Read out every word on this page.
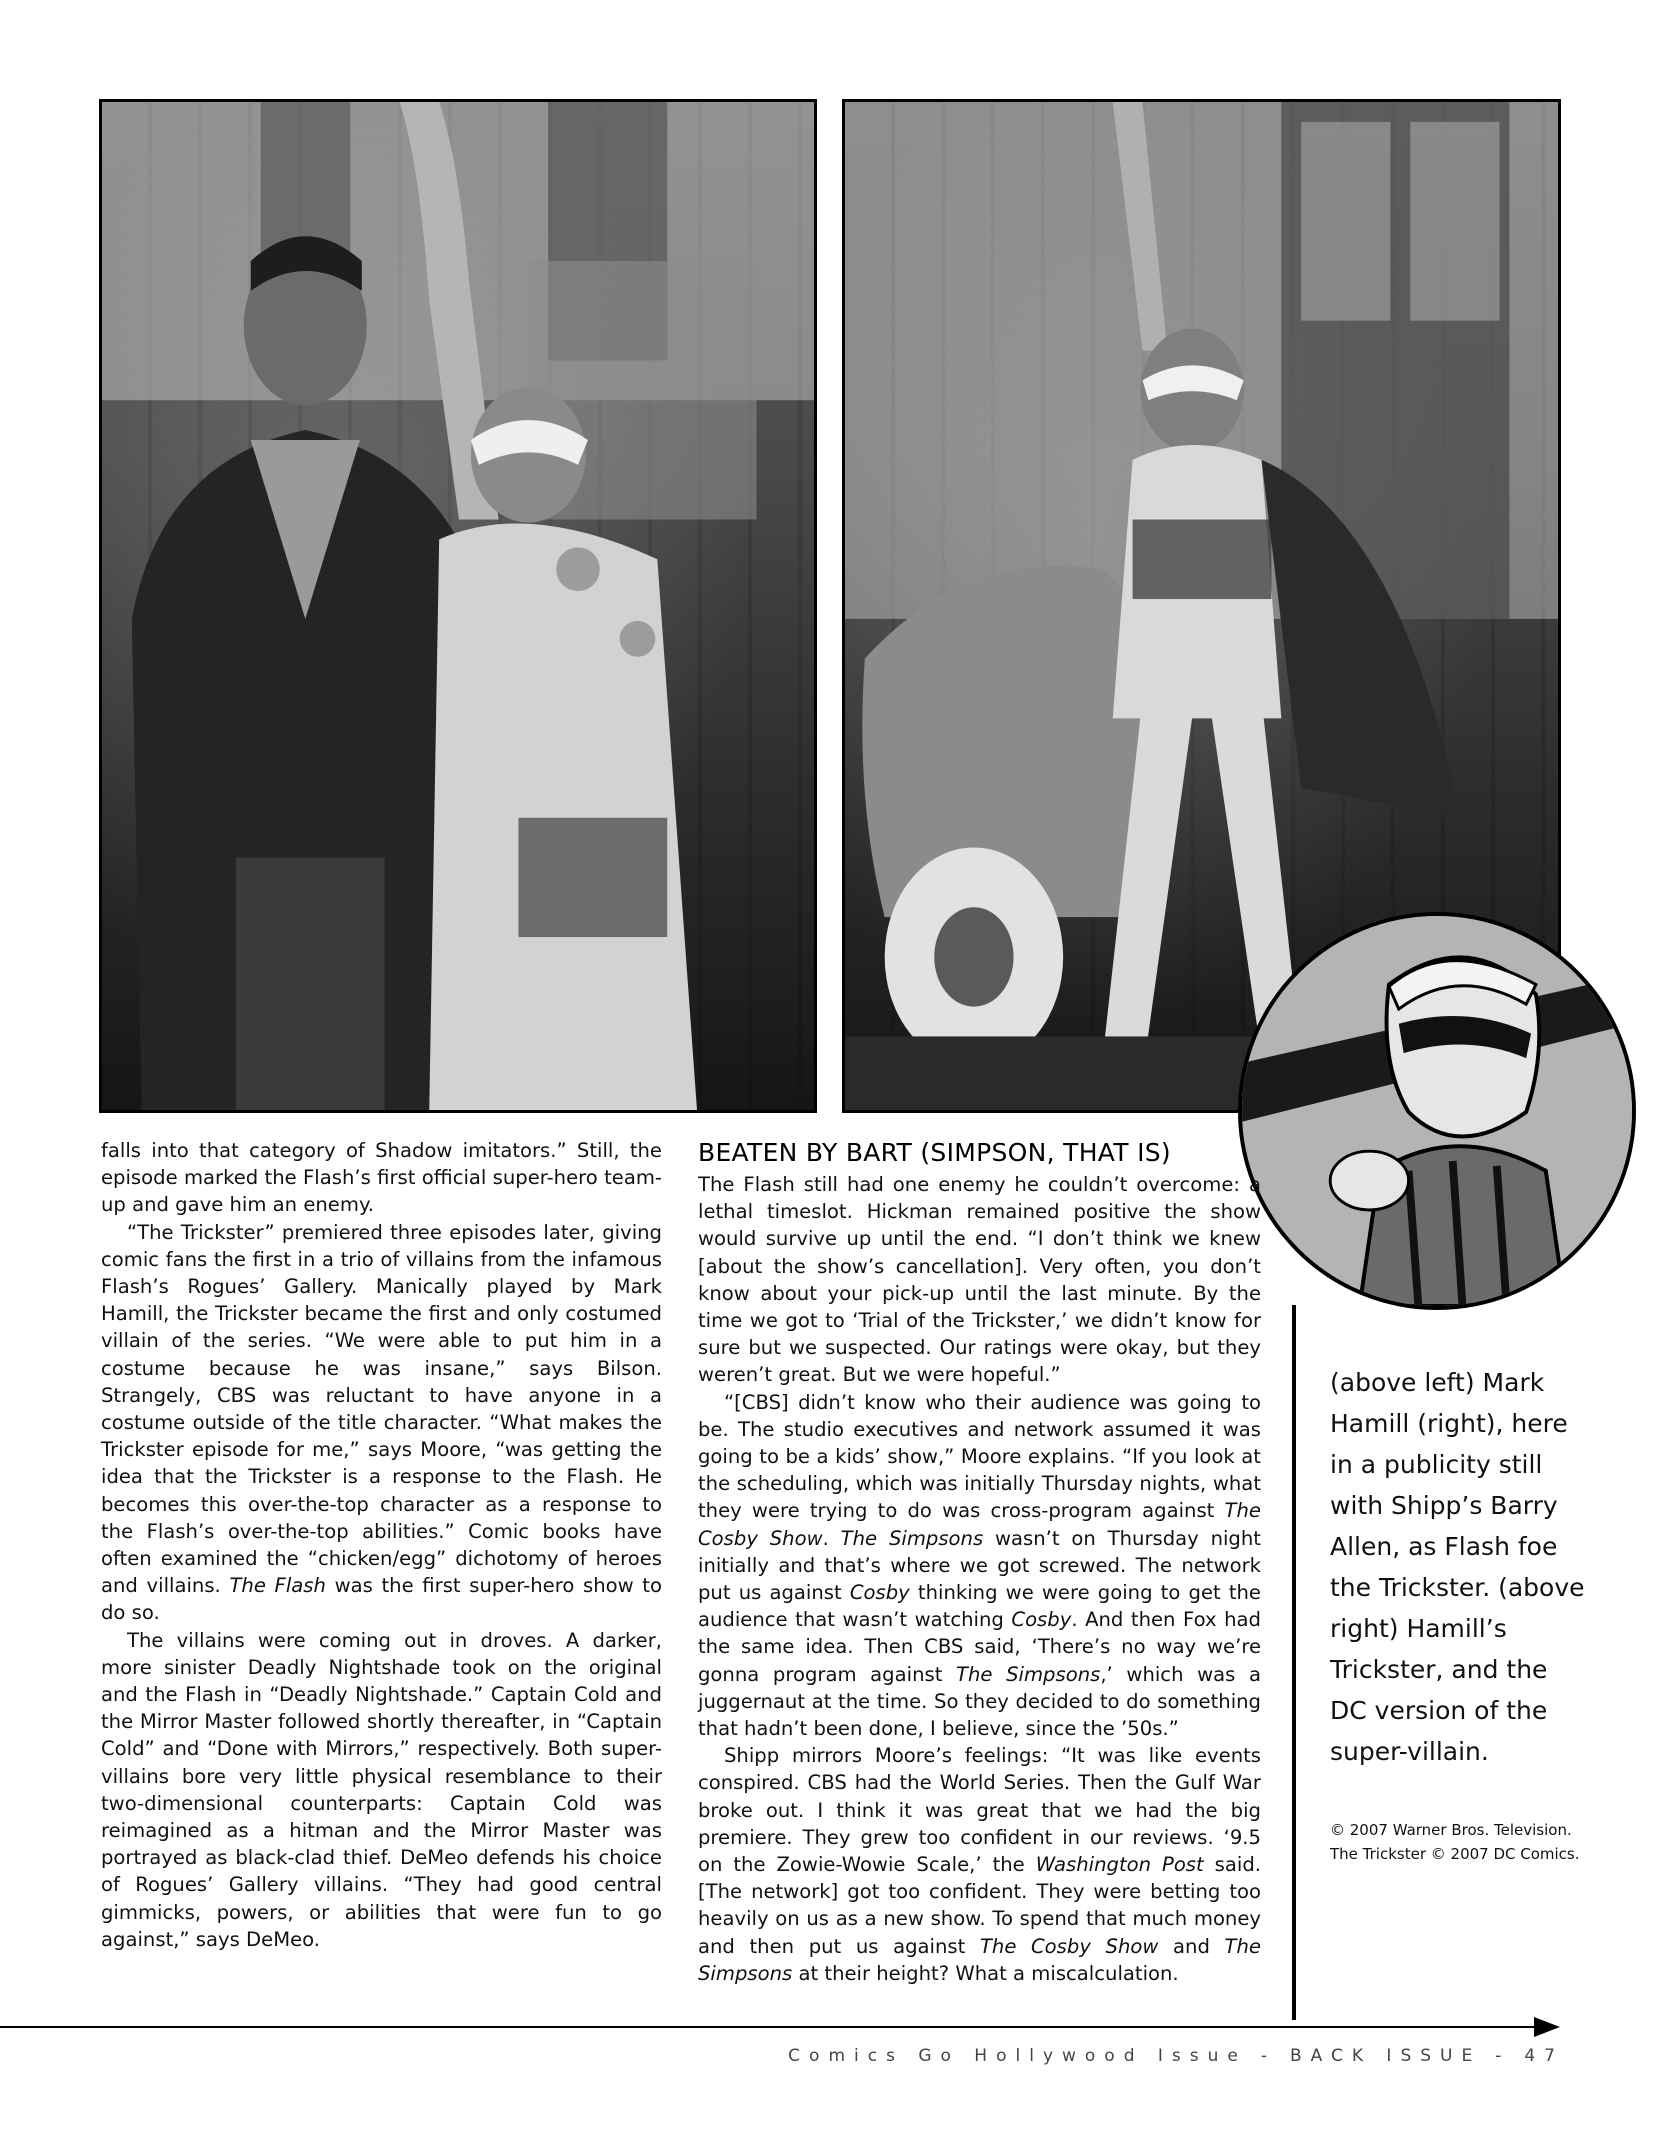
falls into that category of Shadow imitators.” Still, the episode marked the Flash’s first official super-hero team-up and gave him an enemy.

“The Trickster” premiered three episodes later, giving comic fans the first in a trio of villains from the infamous Flash’s Rogues’ Gallery. Manically played by Mark Hamill, the Trickster became the first and only costumed villain of the series. “We were able to put him in a costume because he was insane,” says Bilson. Strangely, CBS was reluctant to have anyone in a costume outside of the title character. “What makes the Trickster episode for me,” says Moore, “was getting the idea that the Trickster is a response to the Flash. He becomes this over-the-top character as a response to the Flash’s over-the-top abilities.” Comic books have often examined the “chicken/egg” dichotomy of heroes and villains. The Flash was the first super-hero show to do so.

The villains were coming out in droves. A darker, more sinister Deadly Nightshade took on the original and the Flash in “Deadly Nightshade.” Captain Cold and the Mirror Master followed shortly thereafter, in “Captain Cold” and “Done with Mirrors,” respectively. Both super-villains bore very little physical resemblance to their two-dimensional counterparts: Captain Cold was reimagined as a hitman and the Mirror Master was portrayed as black-clad thief. DeMeo defends his choice of Rogues’ Gallery villains. “They had good central gimmicks, powers, or abilities that were fun to go against,” says DeMeo.

BEATEN BY BART (SIMPSON, THAT IS)

The Flash still had one enemy he couldn’t overcome: a lethal timeslot. Hickman remained positive the show would survive up until the end. “I don’t think we knew [about the show’s cancellation]. Very often, you don’t know about your pick-up until the last minute. By the time we got to ‘Trial of the Trickster,’ we didn’t know for sure but we suspected. Our ratings were okay, but they weren’t great. But we were hopeful.”

“[CBS] didn’t know who their audience was going to be. The studio executives and network assumed it was going to be a kids’ show,” Moore explains. “If you look at the scheduling, which was initially Thursday nights, what they were trying to do was cross-program against The Cosby Show. The Simpsons wasn’t on Thursday night initially and that’s where we got screwed. The network put us against Cosby thinking we were going to get the audience that wasn’t watching Cosby. And then Fox had the same idea. Then CBS said, ‘There’s no way we’re gonna program against The Simpsons,’ which was a juggernaut at the time. So they decided to do something that hadn’t been done, I believe, since the ’50s.”

Shipp mirrors Moore’s feelings: “It was like events conspired. CBS had the World Series. Then the Gulf War broke out. I think it was great that we had the big premiere. They grew too confident in our reviews. ‘9.5 on the Zowie-Wowie Scale,’ the Washington Post said. [The network] got too confident. They were betting too heavily on us as a new show. To spend that much money and then put us against The Cosby Show and The Simpsons at their height? What a miscalculation.

(above left) Mark Hamill (right), here in a publicity still with Shipp’s Barry Allen, as Flash foe the Trickster. (above right) Hamill’s Trickster, and the DC version of the super-villain.

© 2007 Warner Bros. Television.

The Trickster © 2007 DC Comics.

Comics Go Hollywood Issue - BACK ISSUE - 47
